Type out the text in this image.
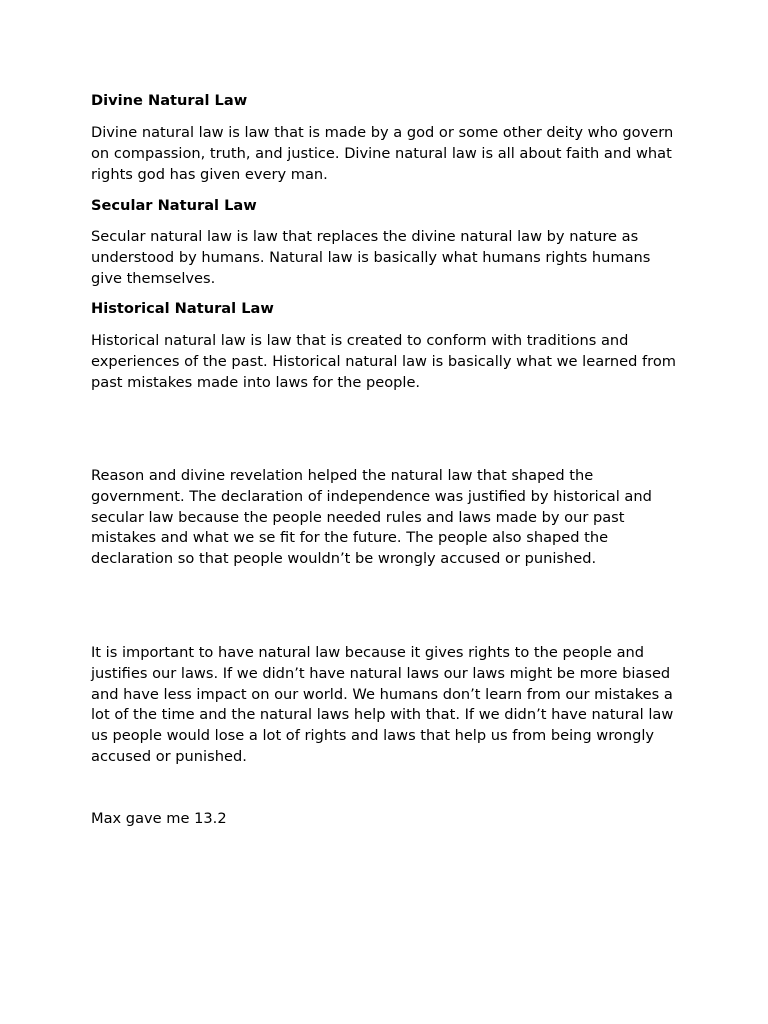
Divine Natural Law

Divine natural law is law that is made by a god or some other deity who govern on compassion, truth, and justice. Divine natural law is all about faith and what rights god has given every man.

Secular Natural Law

Secular natural law is law that replaces the divine natural law by nature as understood by humans. Natural law is basically what humans rights humans give themselves.

Historical Natural Law

Historical natural law is law that is created to conform with traditions and experiences of the past. Historical natural law is basically what we learned from past mistakes made into laws for the people.

Reason and divine revelation helped the natural law that shaped the government. The declaration of independence was justified by historical and secular law because the people needed rules and laws made by our past mistakes and what we se fit for the future. The people also shaped the declaration so that people wouldn’t be wrongly accused or punished.

It is important to have natural law because it gives rights to the people and justifies our laws. If we didn’t have natural laws our laws might be more biased and have less impact on our world. We humans don’t learn from our mistakes a lot of the time and the natural laws help with that. If we didn’t have natural law us people would lose a lot of rights and laws that help us from being wrongly accused or punished.

Max gave me 13.2
